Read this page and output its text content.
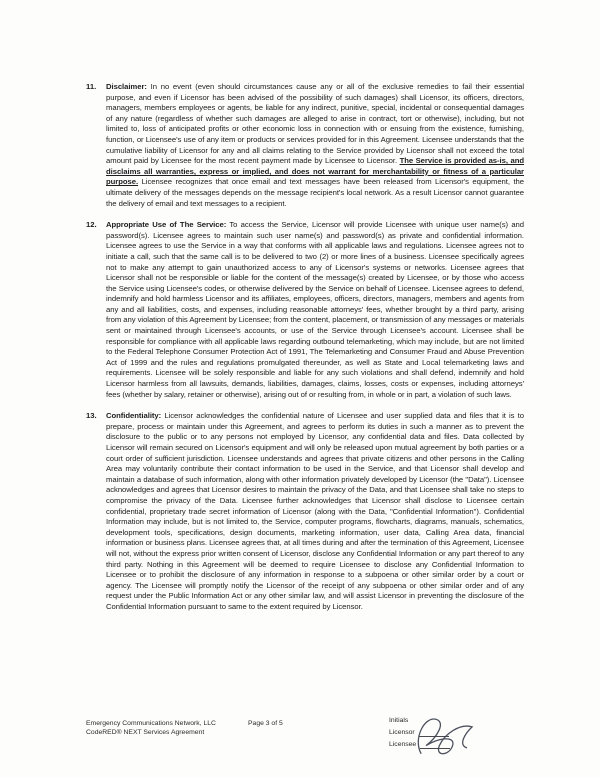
11.	Disclaimer: In no event (even should circumstances cause any or all of the exclusive remedies to fail their essential purpose, and even if Licensor has been advised of the possibility of such damages) shall Licensor, its officers, directors, managers, members employees or agents, be liable for any indirect, punitive, special, incidental or consequential damages of any nature (regardless of whether such damages are alleged to arise in contract, tort or otherwise), including, but not limited to, loss of anticipated profits or other economic loss in connection with or ensuing from the existence, furnishing, function, or Licensee's use of any item or products or services provided for in this Agreement. Licensee understands that the cumulative liability of Licensor for any and all claims relating to the Service provided by Licensor shall not exceed the total amount paid by Licensee for the most recent payment made by Licensee to Licensor. The Service is provided as-is, and disclaims all warranties, express or implied, and does not warrant for merchantability or fitness of a particular purpose. Licensee recognizes that once email and text messages have been released from Licensor's equipment, the ultimate delivery of the messages depends on the message recipient's local network. As a result Licensor cannot guarantee the delivery of email and text messages to a recipient.
12.	Appropriate Use of The Service: To access the Service, Licensor will provide Licensee with unique user name(s) and password(s). Licensee agrees to maintain such user name(s) and password(s) as private and confidential information. Licensee agrees to use the Service in a way that conforms with all applicable laws and regulations. Licensee agrees not to initiate a call, such that the same call is to be delivered to two (2) or more lines of a business. Licensee specifically agrees not to make any attempt to gain unauthorized access to any of Licensor's systems or networks. Licensee agrees that Licensor shall not be responsible or liable for the content of the message(s) created by Licensee, or by those who access the Service using Licensee's codes, or otherwise delivered by the Service on behalf of Licensee. Licensee agrees to defend, indemnify and hold harmless Licensor and its affiliates, employees, officers, directors, managers, members and agents from any and all liabilities, costs, and expenses, including reasonable attorneys' fees, whether brought by a third party, arising from any violation of this Agreement by Licensee; from the content, placement, or transmission of any messages or materials sent or maintained through Licensee's accounts, or use of the Service through Licensee's account. Licensee shall be responsible for compliance with all applicable laws regarding outbound telemarketing, which may include, but are not limited to the Federal Telephone Consumer Protection Act of 1991, The Telemarketing and Consumer Fraud and Abuse Prevention Act of 1999 and the rules and regulations promulgated thereunder, as well as State and Local telemarketing laws and requirements. Licensee will be solely responsible and liable for any such violations and shall defend, indemnify and hold Licensor harmless from all lawsuits, demands, liabilities, damages, claims, losses, costs or expenses, including attorneys' fees (whether by salary, retainer or otherwise), arising out of or resulting from, in whole or in part, a violation of such laws.
13.	Confidentiality: Licensor acknowledges the confidential nature of Licensee and user supplied data and files that it is to prepare, process or maintain under this Agreement, and agrees to perform its duties in such a manner as to prevent the disclosure to the public or to any persons not employed by Licensor, any confidential data and files. Data collected by Licensor will remain secured on Licensor's equipment and will only be released upon mutual agreement by both parties or a court order of sufficient jurisdiction. Licensee understands and agrees that private citizens and other persons in the Calling Area may voluntarily contribute their contact information to be used in the Service, and that Licensor shall develop and maintain a database of such information, along with other information privately developed by Licensor (the "Data"). Licensee acknowledges and agrees that Licensor desires to maintain the privacy of the Data, and that Licensee shall take no steps to compromise the privacy of the Data. Licensee further acknowledges that Licensor shall disclose to Licensee certain confidential, proprietary trade secret information of Licensor (along with the Data, "Confidential Information"). Confidential Information may include, but is not limited to, the Service, computer programs, flowcharts, diagrams, manuals, schematics, development tools, specifications, design documents, marketing information, user data, Calling Area data, financial information or business plans. Licensee agrees that, at all times during and after the termination of this Agreement, Licensee will not, without the express prior written consent of Licensor, disclose any Confidential Information or any part thereof to any third party. Nothing in this Agreement will be deemed to require Licensee to disclose any Confidential Information to Licensee or to prohibit the disclosure of any information in response to a subpoena or other similar order by a court or agency. The Licensee will promptly notify the Licensor of the receipt of any subpoena or other similar order and of any request under the Public Information Act or any other similar law, and will assist Licensor in preventing the disclosure of the Confidential Information pursuant to same to the extent required by Licensor.
Emergency Communications Network, LLC
CodeRED® NEXT Services Agreement
Page 3 of 5	Initials
Licensor
Licensee
